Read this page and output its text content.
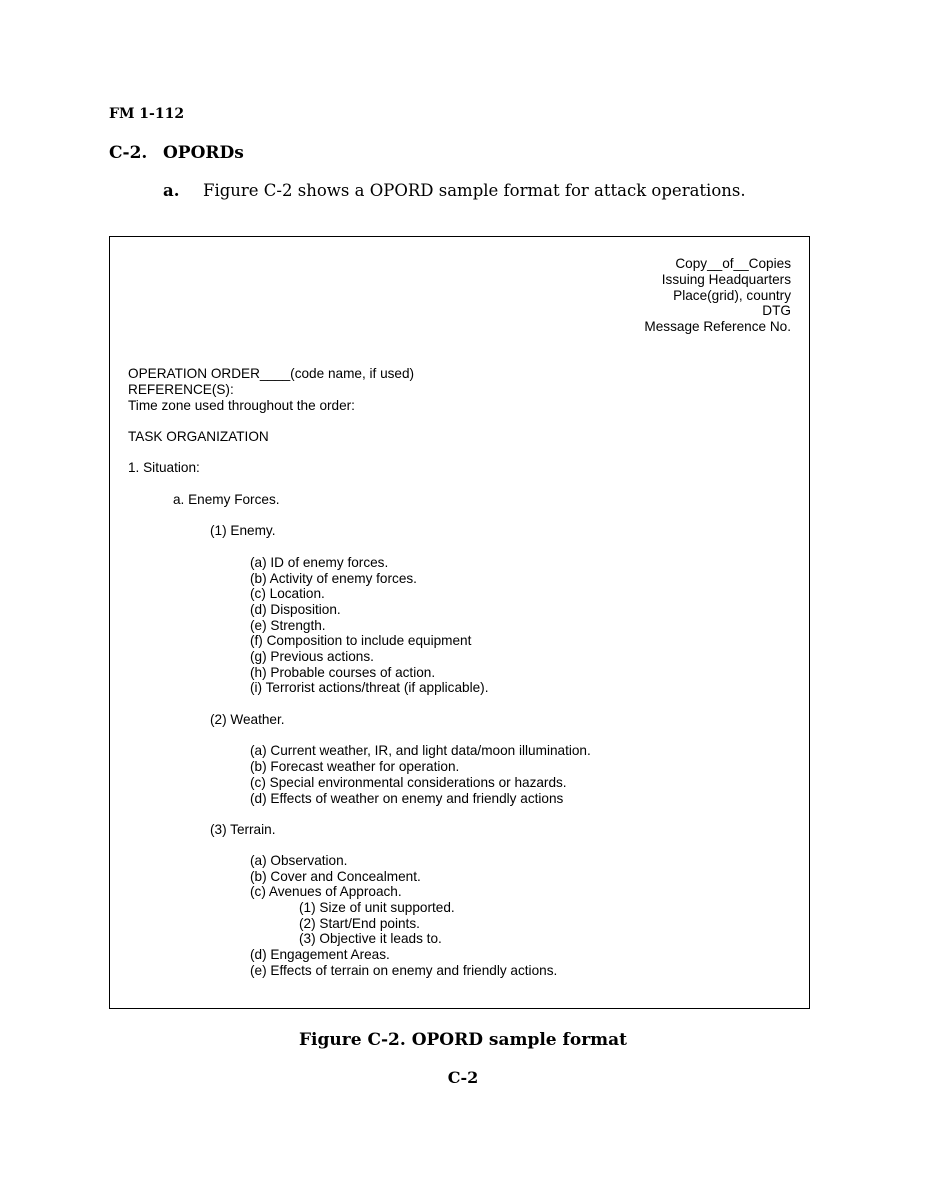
FM 1-112
C-2. OPORDs
a. Figure C-2 shows a OPORD sample format for attack operations.
Copy__of__Copies
Issuing Headquarters
Place(grid), country
DTG
Message Reference No.
OPERATION ORDER____(code name, if used)
REFERENCE(S):
Time zone used throughout the order:
TASK ORGANIZATION
1. Situation:
a. Enemy Forces.
(1) Enemy.
(a) ID of enemy forces.
(b) Activity of enemy forces.
(c) Location.
(d) Disposition.
(e) Strength.
(f) Composition to include equipment
(g) Previous actions.
(h) Probable courses of action.
(i) Terrorist actions/threat (if applicable).
(2) Weather.
(a) Current weather, IR, and light data/moon illumination.
(b) Forecast weather for operation.
(c) Special environmental considerations or hazards.
(d) Effects of weather on enemy and friendly actions
(3) Terrain.
(a) Observation.
(b) Cover and Concealment.
(c) Avenues of Approach.
(1) Size of unit supported.
(2) Start/End points.
(3) Objective it leads to.
(d) Engagement Areas.
(e) Effects of terrain on enemy and friendly actions.
Figure C-2. OPORD sample format
C-2
